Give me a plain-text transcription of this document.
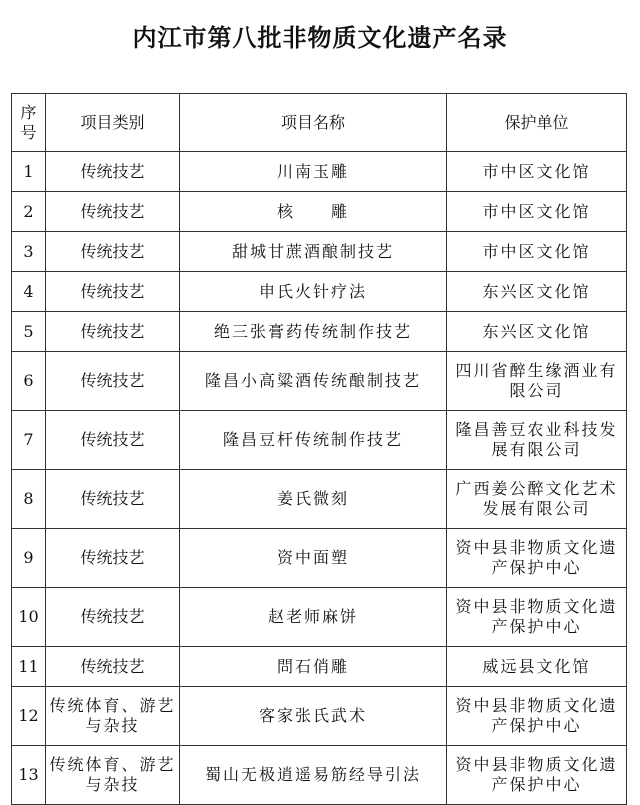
内江市第八批非物质文化遗产名录
序号	项目类别	项目名称	保护单位
1	传统技艺	川南玉雕	市中区文化馆
2	传统技艺	核　　雕	市中区文化馆
3	传统技艺	甜城甘蔗酒酿制技艺	市中区文化馆
4	传统技艺	申氏火针疗法	东兴区文化馆
5	传统技艺	绝三张膏药传统制作技艺	东兴区文化馆
6	传统技艺	隆昌小高粱酒传统酿制技艺	四川省醉生缘酒业有限公司
7	传统技艺	隆昌豆杆传统制作技艺	隆昌善豆农业科技发展有限公司
8	传统技艺	姜氏微刻	广西姜公醉文化艺术发展有限公司
9	传统技艺	资中面塑	资中县非物质文化遗产保护中心
10	传统技艺	赵老师麻饼	资中县非物质文化遗产保护中心
11	传统技艺	問石俏雕	威远县文化馆
12	传统体育、游艺与杂技	客家张氏武术	资中县非物质文化遗产保护中心
13	传统体育、游艺与杂技	蜀山无极逍遥易筋经导引法	资中县非物质文化遗产保护中心
